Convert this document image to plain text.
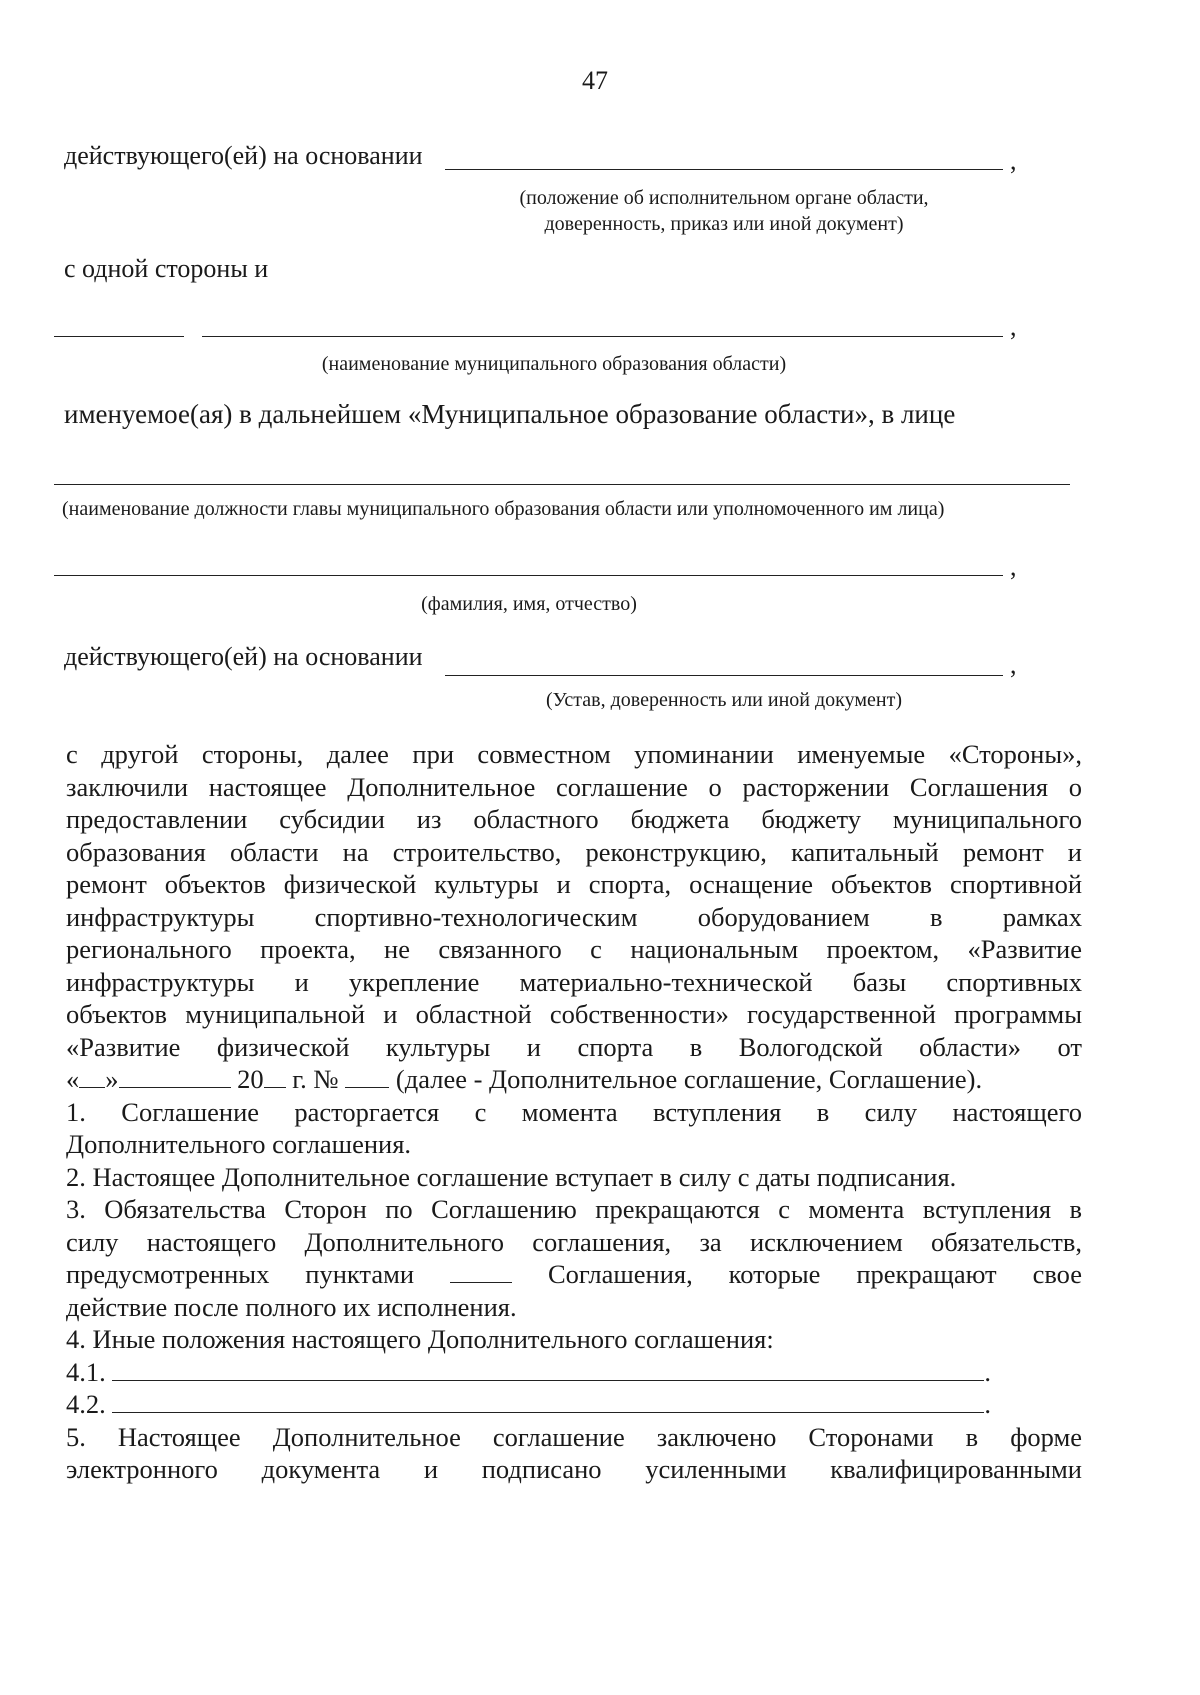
47
действующего(ей) на основании	,
(положение об исполнительном органе области,
доверенность, приказ или иной документ)
с одной стороны и
,
(наименование муниципального образования области)
именуемое(ая) в дальнейшем «Муниципальное образование области», в лице
(наименование должности главы муниципального образования области или уполномоченного им лица)
,
(фамилия, имя, отчество)
действующего(ей) на основании	,
(Устав, доверенность или иной документ)

с другой стороны, далее при совместном упоминании именуемые «Стороны»,

заключили настоящее Дополнительное соглашение о расторжении Соглашения о

предоставлении субсидии из областного бюджета бюджету муниципального

образования области на строительство, реконструкцию, капитальный ремонт и

ремонт объектов физической культуры и спорта, оснащение объектов спортивной

инфраструктуры спортивно-технологическим оборудованием в рамках

регионального проекта, не связанного с национальным проектом, «Развитие

инфраструктуры и укрепление материально-технической базы спортивных

объектов муниципальной и областной собственности» государственной программы

«Развитие физической культуры и спорта в Вологодской области» от

« »	20 г. № (далее - Дополнительное соглашение, Соглашение).

1. Соглашение расторгается с момента вступления в силу настоящего

Дополнительного соглашения.

2. Настоящее Дополнительное соглашение вступает в силу с даты подписания.

3. Обязательства Сторон по Соглашению прекращаются с момента вступления в

силу настоящего Дополнительного соглашения, за исключением обязательств,

предусмотренных пунктами	Соглашения, которые прекращают свое

действие после полного их исполнения.

4. Иные положения настоящего Дополнительного соглашения:

4.1.	.

4.2.	.

5. Настоящее Дополнительное соглашение заключено Сторонами в форме

электронного документа и подписано усиленными квалифицированными
